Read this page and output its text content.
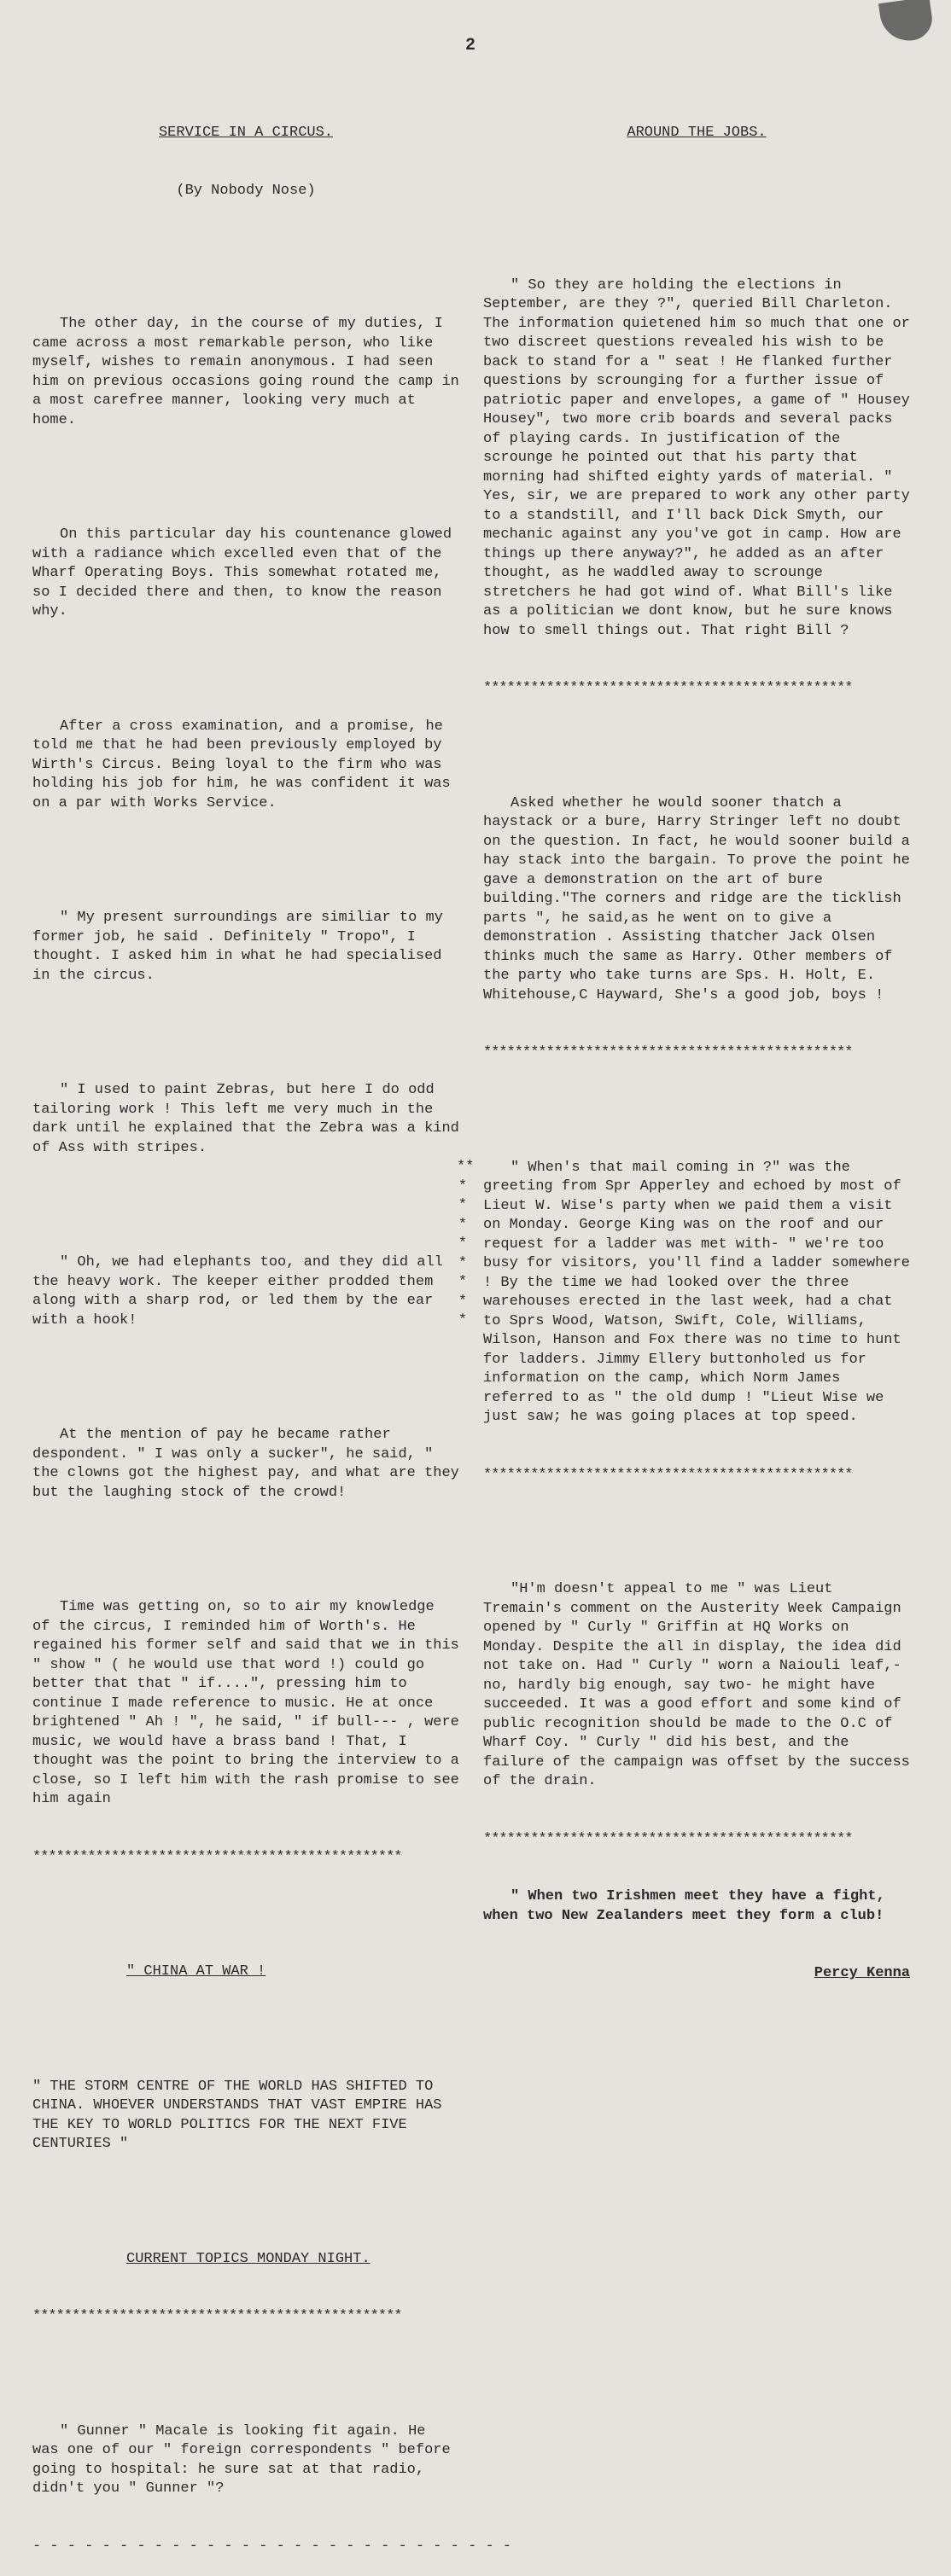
2

SERVICE IN A CIRCUS.

(By Nobody Nose)

The other day, in the course of my duties, I came across a most remarkable person, who like myself, wishes to remain anonymous. I had seen him on previous occasions going round the camp in a most carefree manner, looking very much at home.

On this particular day his countenance glowed with a radiance which excelled even that of the Wharf Operating Boys. This somewhat rotated me, so I decided there and then, to know the reason why.

After a cross examination, and a promise, he told me that he had been previously employed by Wirth's Circus. Being loyal to the firm who was holding his job for him, he was confident it was on a par with Works Service.

" My present surroundings are similiar to my former job, he said . Definitely " Tropo", I thought. I asked him in what he had specialised in the circus.

" I used to paint Zebras, but here I do odd tailoring work ! This left me very much in the dark until he explained that the Zebra was a kind of Ass with stripes.

" Oh, we had elephants too, and they did all the heavy work. The keeper either prodded them along with a sharp rod, or led them by the ear with a hook!

At the mention of pay he became rather despondent. " I was only a sucker", he said, " the clowns got the highest pay, and what are they but the laughing stock of the crowd!

Time was getting on, so to air my knowledge of the circus, I reminded him of Worth's. He regained his former self and said that we in this " show " ( he would use that word !) could go better that that " if....", pressing him to continue I made reference to music. He at once brightened " Ah ! ", he said, " if bull--- , were music, we would have a brass band ! That, I thought was the point to bring the interview to a close, so I left him with the rash promise to see him again

***********************************************

" CHINA AT WAR !

" THE STORM CENTRE OF THE WORLD HAS SHIFTED TO CHINA. WHOEVER UNDERSTANDS THAT VAST EMPIRE HAS THE KEY TO WORLD POLITICS FOR THE NEXT FIVE CENTURIES "

CURRENT TOPICS MONDAY NIGHT.

***********************************************

" Gunner " Macale is looking fit again. He was one of our " foreign correspondents " before going to hospital: he sure sat at that radio, didn't you " Gunner "?

- - - - - - - - - - - - - - - - - - - - - - - - - - - -

**
*
*
*
*
*
*
*
*

AROUND THE JOBS.

" So they are holding the elections in September, are they ?", queried Bill Charleton. The information quietened him so much that one or two discreet questions revealed his wish to be back to stand for a " seat ! He flanked further questions by scrounging for a further issue of patriotic paper and envelopes, a game of " Housey Housey", two more crib boards and several packs of playing cards. In justification of the scrounge he pointed out that his party that morning had shifted eighty yards of material. " Yes, sir, we are prepared to work any other party to a standstill, and I'll back Dick Smyth, our mechanic against any you've got in camp. How are things up there anyway?", he added as an after thought, as he waddled away to scrounge stretchers he had got wind of. What Bill's like as a politician we dont know, but he sure knows how to smell things out. That right Bill ?

***********************************************

Asked whether he would sooner thatch a haystack or a bure, Harry Stringer left no doubt on the question. In fact, he would sooner build a hay stack into the bargain. To prove the point he gave a demonstration on the art of bure building."The corners and ridge are the ticklish parts ", he said,as he went on to give a demonstration . Assisting thatcher Jack Olsen thinks much the same as Harry. Other members of the party who take turns are Sps. H. Holt, E. Whitehouse,C Hayward, She's a good job, boys !

***********************************************

" When's that mail coming in ?" was the greeting from Spr Apperley and echoed by most of Lieut W. Wise's party when we paid them a visit on Monday. George King was on the roof and our request for a ladder was met with- " we're too busy for visitors, you'll find a ladder somewhere ! By the time we had looked over the three warehouses erected in the last week, had a chat to Sprs Wood, Watson, Swift, Cole, Williams, Wilson, Hanson and Fox there was no time to hunt for ladders. Jimmy Ellery buttonholed us for information on the camp, which Norm James referred to as " the old dump ! "Lieut Wise we just saw; he was going places at top speed.

***********************************************

"H'm doesn't appeal to me " was Lieut Tremain's comment on the Austerity Week Campaign opened by " Curly " Griffin at HQ Works on Monday. Despite the all in display, the idea did not take on. Had " Curly " worn a Naiouli leaf,- no, hardly big enough, say two- he might have succeeded. It was a good effort and some kind of public recognition should be made to the O.C of Wharf Coy. " Curly " did his best, and the failure of the campaign was offset by the success of the drain.

***********************************************

" When two Irishmen meet they have a fight, when two New Zealanders meet they form a club!

Percy Kenna
